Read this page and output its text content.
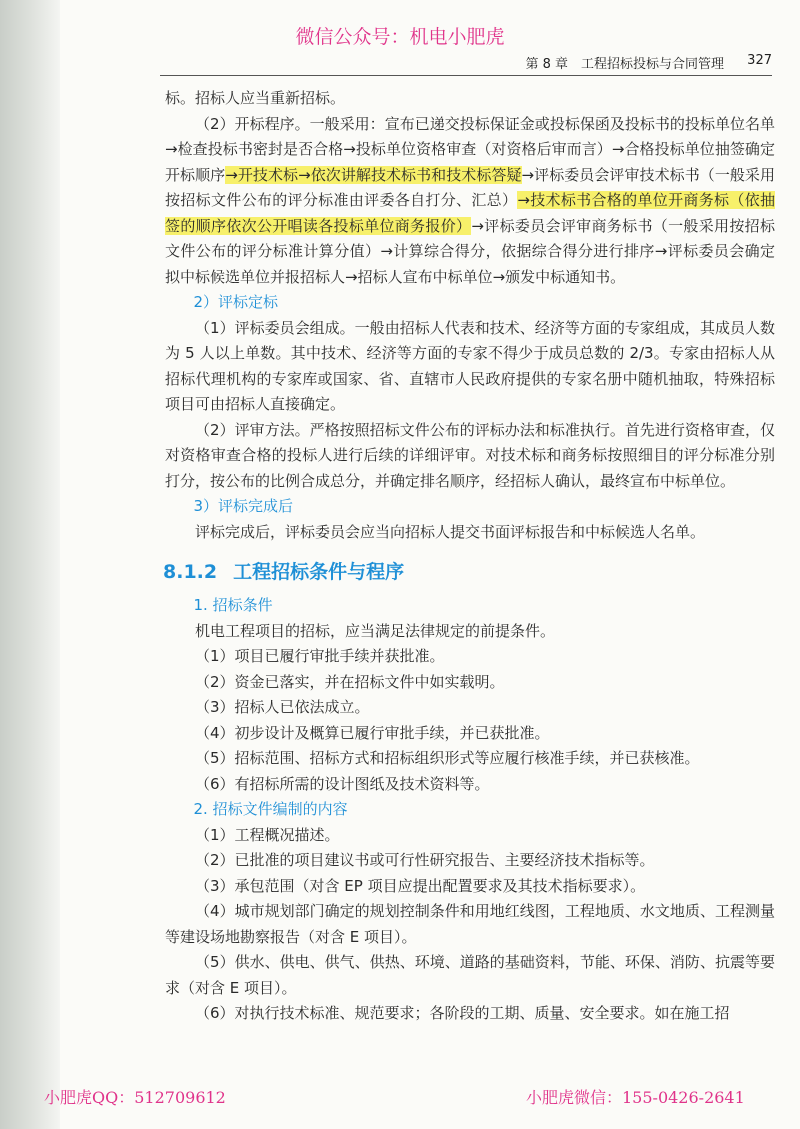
微信公众号：机电小肥虎
第 8 章　工程招标投标与合同管理 327

标。招标人应当重新招标。

（2）开标程序。一般采用：宣布已递交投标保证金或投标保函及投标书的投标单位名单→检查投标书密封是否合格→投标单位资格审查（对资格后审而言）→合格投标单位抽签确定开标顺序→开技术标→依次讲解技术标书和技术标答疑→评标委员会评审技术标书（一般采用按招标文件公布的评分标准由评委各自打分、汇总）→技术标书合格的单位开商务标（依抽签的顺序依次公开唱读各投标单位商务报价）→评标委员会评审商务标书（一般采用按招标文件公布的评分标准计算分值）→计算综合得分，依据综合得分进行排序→评标委员会确定拟中标候选单位并报招标人→招标人宣布中标单位→颁发中标通知书。

2）评标定标

（1）评标委员会组成。一般由招标人代表和技术、经济等方面的专家组成，其成员人数为 5 人以上单数。其中技术、经济等方面的专家不得少于成员总数的 2/3。专家由招标人从招标代理机构的专家库或国家、省、直辖市人民政府提供的专家名册中随机抽取，特殊招标项目可由招标人直接确定。

（2）评审方法。严格按照招标文件公布的评标办法和标准执行。首先进行资格审查，仅对资格审查合格的投标人进行后续的详细评审。对技术标和商务标按照细目的评分标准分别打分，按公布的比例合成总分，并确定排名顺序，经招标人确认，最终宣布中标单位。

3）评标完成后

评标完成后，评标委员会应当向招标人提交书面评标报告和中标候选人名单。

8.1.2 工程招标条件与程序

1. 招标条件

机电工程项目的招标，应当满足法律规定的前提条件。

（1）项目已履行审批手续并获批准。

（2）资金已落实，并在招标文件中如实载明。

（3）招标人已依法成立。

（4）初步设计及概算已履行审批手续，并已获批准。

（5）招标范围、招标方式和招标组织形式等应履行核准手续，并已获核准。

（6）有招标所需的设计图纸及技术资料等。

2. 招标文件编制的内容

（1）工程概况描述。

（2）已批准的项目建议书或可行性研究报告、主要经济技术指标等。

（3）承包范围（对含 EP 项目应提出配置要求及其技术指标要求）。

（4）城市规划部门确定的规划控制条件和用地红线图，工程地质、水文地质、工程测量等建设场地勘察报告（对含 E 项目）。

（5）供水、供电、供气、供热、环境、道路的基础资料，节能、环保、消防、抗震等要求（对含 E 项目）。

（6）对执行技术标准、规范要求；各阶段的工期、质量、安全要求。如在施工招

小肥虎QQ：512709612	小肥虎微信：155-0426-2641
